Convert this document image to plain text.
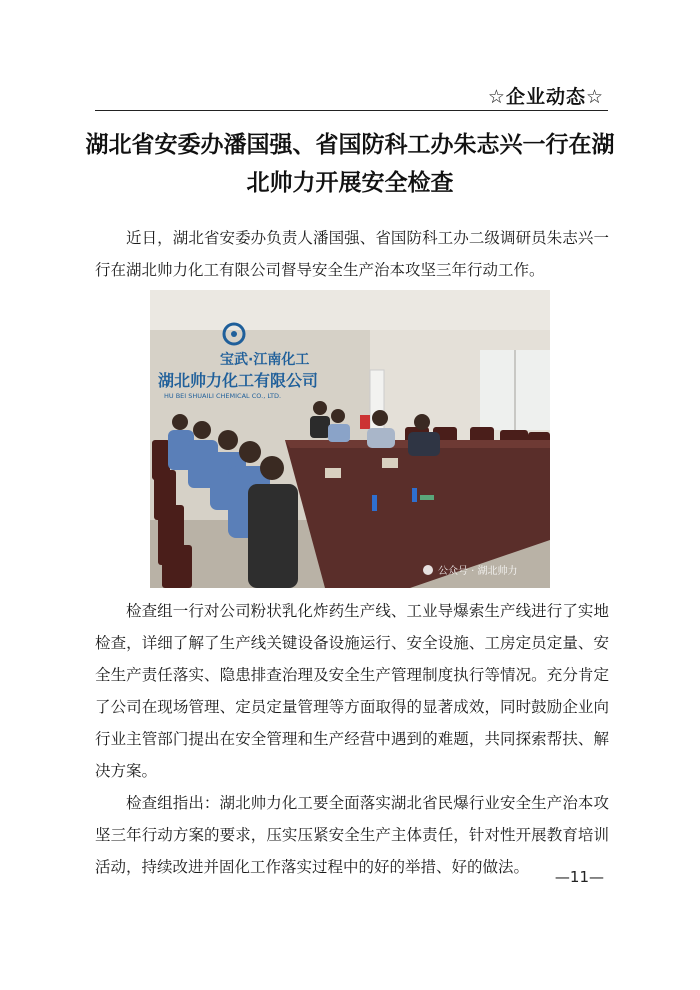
☆企业动态☆
湖北省安委办潘国强、省国防科工办朱志兴一行在湖北帅力开展安全检查

近日，湖北省安委办负责人潘国强、省国防科工办二级调研员朱志兴一行在湖北帅力化工有限公司督导安全生产治本攻坚三年行动工作。

宝武·江南化工
湖北帅力化工有限公司
HU BEI SHUAILI CHEMICAL CO., LTD.
公众号 · 湖北帅力

检查组一行对公司粉状乳化炸药生产线、工业导爆索生产线进行了实地检查，详细了解了生产线关键设备设施运行、安全设施、工房定员定量、安全生产责任落实、隐患排查治理及安全生产管理制度执行等情况。充分肯定了公司在现场管理、定员定量管理等方面取得的显著成效，同时鼓励企业向行业主管部门提出在安全管理和生产经营中遇到的难题，共同探索帮扶、解决方案。

检查组指出：湖北帅力化工要全面落实湖北省民爆行业安全生产治本攻坚三年行动方案的要求，压实压紧安全生产主体责任，针对性开展教育培训活动，持续改进并固化工作落实过程中的好的举措、好的做法。

—11—
